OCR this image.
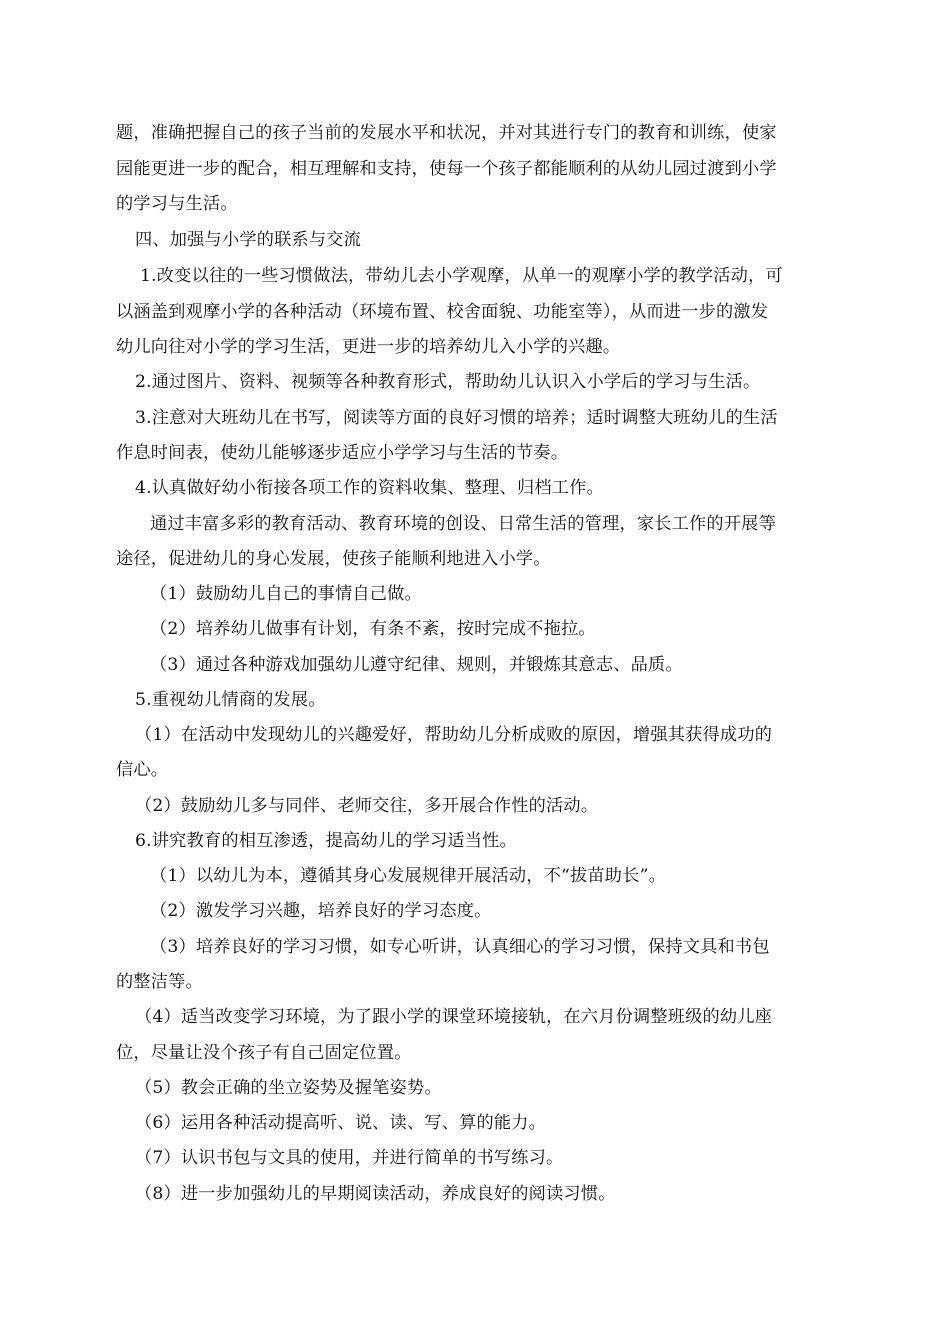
题，准确把握自己的孩子当前的发展水平和状况，并对其进行专门的教育和训练，使家

园能更进一步的配合，相互理解和支持，使每一个孩子都能顺利的从幼儿园过渡到小学

的学习与生活。

四、加强与小学的联系与交流

1.改变以往的一些习惯做法，带幼儿去小学观摩，从单一的观摩小学的教学活动，可

以涵盖到观摩小学的各种活动（环境布置、校舍面貌、功能室等），从而进一步的激发

幼儿向往对小学的学习生活，更进一步的培养幼儿入小学的兴趣。

2.通过图片、资料、视频等各种教育形式，帮助幼儿认识入小学后的学习与生活。

3.注意对大班幼儿在书写，阅读等方面的良好习惯的培养；适时调整大班幼儿的生活

作息时间表，使幼儿能够逐步适应小学学习与生活的节奏。

4.认真做好幼小衔接各项工作的资料收集、整理、归档工作。

通过丰富多彩的教育活动、教育环境的创设、日常生活的管理，家长工作的开展等

途径，促进幼儿的身心发展，使孩子能顺利地进入小学。

（1）鼓励幼儿自己的事情自己做。

（2）培养幼儿做事有计划，有条不紊，按时完成不拖拉。

（3）通过各种游戏加强幼儿遵守纪律、规则，并锻炼其意志、品质。

5.重视幼儿情商的发展。

（1）在活动中发现幼儿的兴趣爱好，帮助幼儿分析成败的原因，增强其获得成功的

信心。

（2）鼓励幼儿多与同伴、老师交往，多开展合作性的活动。

6.讲究教育的相互渗透，提高幼儿的学习适当性。

（1）以幼儿为本，遵循其身心发展规律开展活动，不“拔苗助长”。

（2）激发学习兴趣，培养良好的学习态度。

（3）培养良好的学习习惯，如专心听讲，认真细心的学习习惯，保持文具和书包

的整洁等。

（4）适当改变学习环境，为了跟小学的课堂环境接轨，在六月份调整班级的幼儿座

位，尽量让没个孩子有自己固定位置。

（5）教会正确的坐立姿势及握笔姿势。

（6）运用各种活动提高听、说、读、写、算的能力。

（7）认识书包与文具的使用，并进行简单的书写练习。

（8）进一步加强幼儿的早期阅读活动，养成良好的阅读习惯。
